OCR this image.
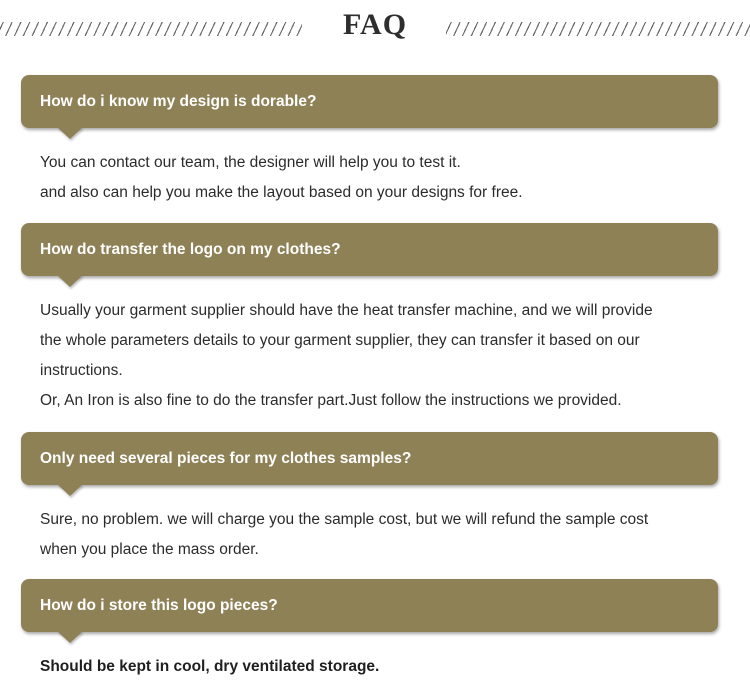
FAQ
How do i know my design is dorable?
You can contact our team, the designer will help you to test it.
and also can help you make the layout based on your designs for free.
How do transfer the logo on my clothes?
Usually your garment supplier should have the heat transfer machine, and we will provide
the whole parameters details to your garment supplier, they can transfer it based on our
instructions.
Or, An Iron is also fine to do the transfer part.Just follow the instructions we provided.
Only need several pieces for my clothes samples?
Sure, no problem. we will charge you the sample cost, but we will refund the sample cost
when you place the mass order.
How do i store this logo pieces?
Should be kept in cool, dry ventilated storage.
